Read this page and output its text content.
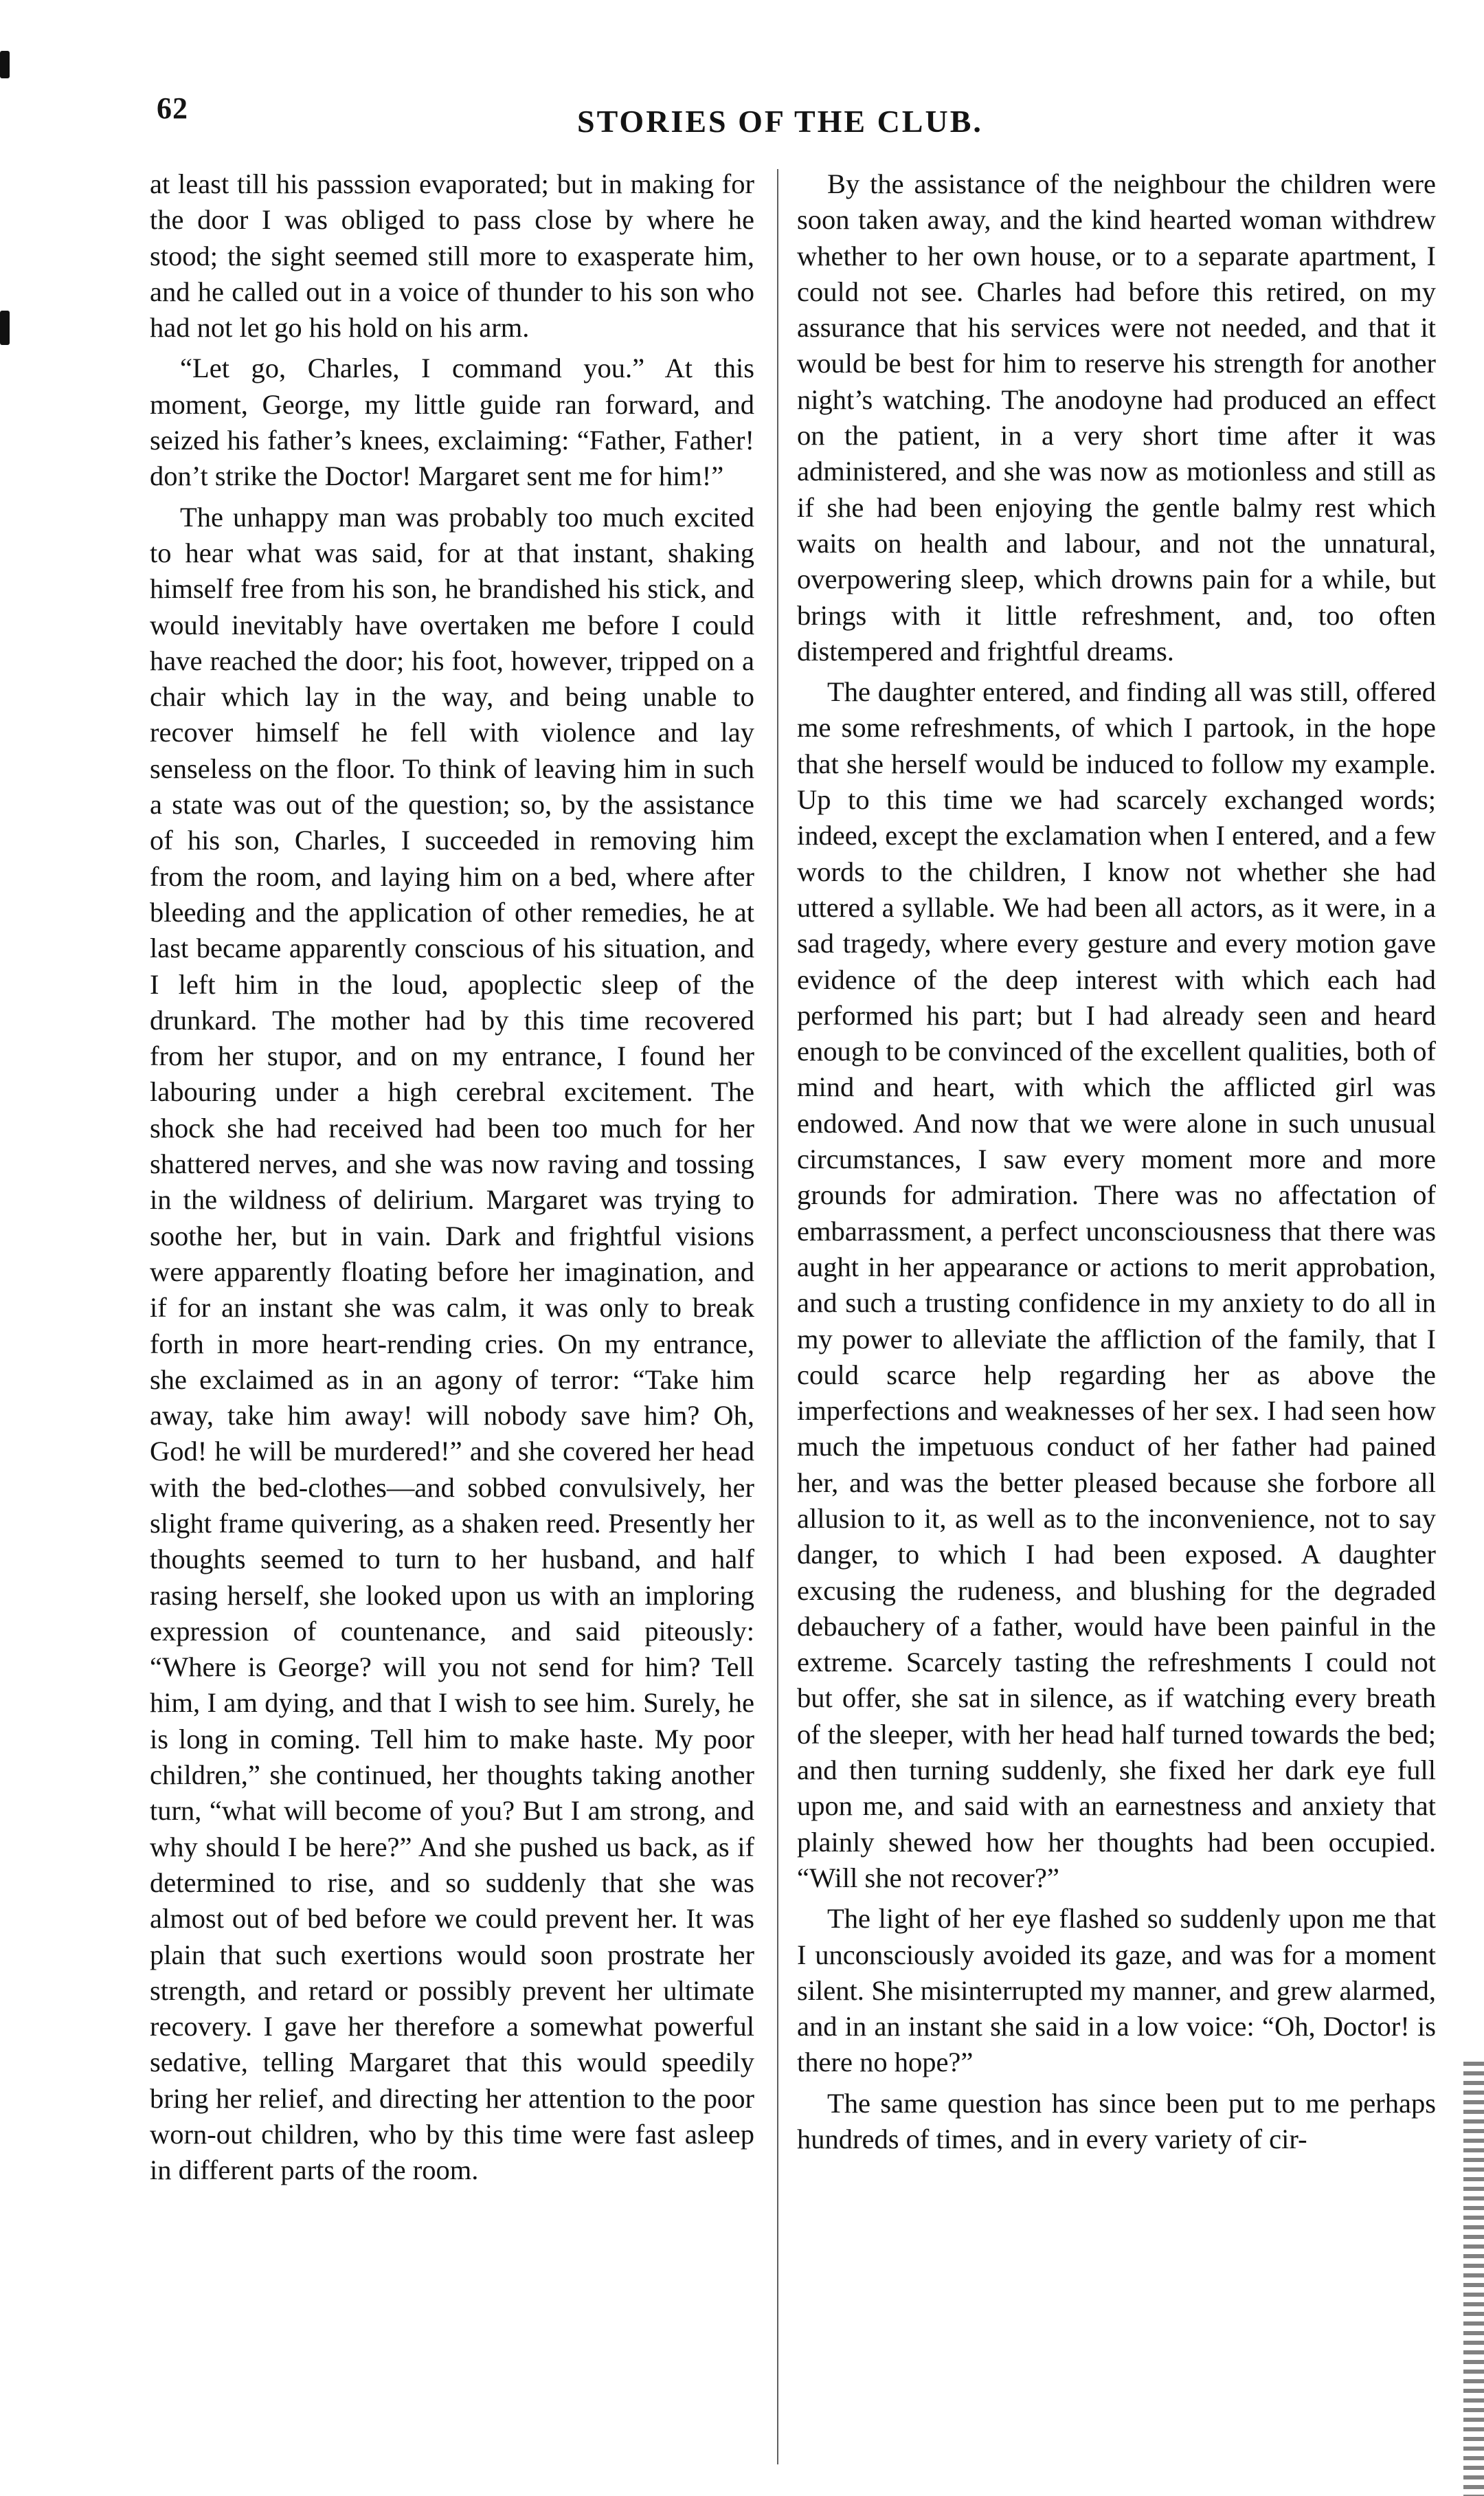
62	STORIES OF THE CLUB.

at least till his passsion evaporated; but in making for the door I was obliged to pass close by where he stood; the sight seemed still more to exasperate him, and he called out in a voice of thunder to his son who had not let go his hold on his arm.

“Let go, Charles, I command you.” At this moment, George, my little guide ran forward, and seized his father’s knees, exclaiming: “Father, Father! don’t strike the Doctor! Margaret sent me for him!”

The unhappy man was probably too much excited to hear what was said, for at that instant, shaking himself free from his son, he brandished his stick, and would inevitably have overtaken me before I could have reached the door; his foot, however, tripped on a chair which lay in the way, and being unable to recover himself he fell with violence and lay senseless on the floor. To think of leaving him in such a state was out of the question; so, by the assistance of his son, Charles, I succeeded in removing him from the room, and laying him on a bed, where after bleeding and the application of other remedies, he at last became apparently conscious of his situation, and I left him in the loud, apoplectic sleep of the drunkard. The mother had by this time recovered from her stupor, and on my entrance, I found her labouring under a high cerebral excitement. The shock she had received had been too much for her shattered nerves, and she was now raving and tossing in the wildness of delirium. Margaret was trying to soothe her, but in vain. Dark and frightful visions were apparently floating before her imagination, and if for an instant she was calm, it was only to break forth in more heart-rending cries. On my entrance, she exclaimed as in an agony of terror: “Take him away, take him away! will nobody save him? Oh, God! he will be murdered!” and she covered her head with the bed-clothes—and sobbed convulsively, her slight frame quivering, as a shaken reed. Presently her thoughts seemed to turn to her husband, and half rasing herself, she looked upon us with an imploring expression of countenance, and said piteously: “Where is George? will you not send for him? Tell him, I am dying, and that I wish to see him. Surely, he is long in coming. Tell him to make haste. My poor children,” she continued, her thoughts taking another turn, “what will become of you? But I am strong, and why should I be here?” And she pushed us back, as if determined to rise, and so suddenly that she was almost out of bed before we could prevent her. It was plain that such exertions would soon prostrate her strength, and retard or possibly prevent her ultimate recovery. I gave her therefore a somewhat powerful sedative, telling Margaret that this would speedily bring her relief, and directing her attention to the poor worn-out children, who by this time were fast asleep in different parts of the room.

By the assistance of the neighbour the children were soon taken away, and the kind hearted woman withdrew whether to her own house, or to a separate apartment, I could not see. Charles had before this retired, on my assurance that his services were not needed, and that it would be best for him to reserve his strength for another night’s watching. The anodoyne had produced an effect on the patient, in a very short time after it was administered, and she was now as motionless and still as if she had been enjoying the gentle balmy rest which waits on health and labour, and not the unnatural, overpowering sleep, which drowns pain for a while, but brings with it little refreshment, and, too often distempered and frightful dreams.

The daughter entered, and finding all was still, offered me some refreshments, of which I partook, in the hope that she herself would be induced to follow my example. Up to this time we had scarcely exchanged words; indeed, except the exclamation when I entered, and a few words to the children, I know not whether she had uttered a syllable. We had been all actors, as it were, in a sad tragedy, where every gesture and every motion gave evidence of the deep interest with which each had performed his part; but I had already seen and heard enough to be convinced of the excellent qualities, both of mind and heart, with which the afflicted girl was endowed. And now that we were alone in such unusual circumstances, I saw every moment more and more grounds for admiration. There was no affectation of embarrassment, a perfect unconsciousness that there was aught in her appearance or actions to merit approbation, and such a trusting confidence in my anxiety to do all in my power to alleviate the affliction of the family, that I could scarce help regarding her as above the imperfections and weaknesses of her sex. I had seen how much the impetuous conduct of her father had pained her, and was the better pleased because she forbore all allusion to it, as well as to the inconvenience, not to say danger, to which I had been exposed. A daughter excusing the rudeness, and blushing for the degraded debauchery of a father, would have been painful in the extreme. Scarcely tasting the refreshments I could not but offer, she sat in silence, as if watching every breath of the sleeper, with her head half turned towards the bed; and then turning suddenly, she fixed her dark eye full upon me, and said with an earnestness and anxiety that plainly shewed how her thoughts had been occupied. “Will she not recover?”

The light of her eye flashed so suddenly upon me that I unconsciously avoided its gaze, and was for a moment silent. She misinterrupted my manner, and grew alarmed, and in an instant she said in a low voice: “Oh, Doctor! is there no hope?”

The same question has since been put to me perhaps hundreds of times, and in every variety of cir-
